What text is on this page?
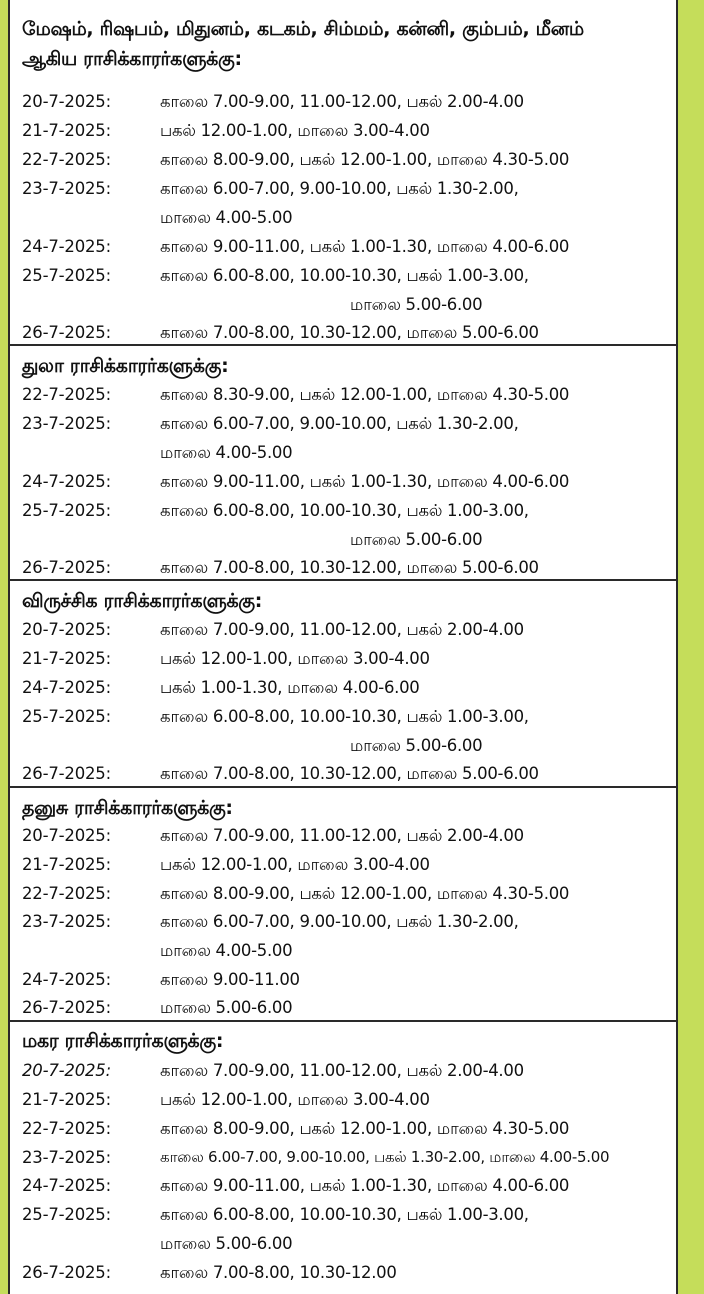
மேஷம், ரிஷபம், மிதுனம், கடகம், சிம்மம், கன்னி, கும்பம், மீனம்
ஆகிய ராசிக்காரர்களுக்கு:
20-7-2025:	காலை 7.00-9.00, 11.00-12.00, பகல் 2.00-4.00
21-7-2025:	பகல் 12.00-1.00, மாலை 3.00-4.00
22-7-2025:	காலை 8.00-9.00, பகல் 12.00-1.00, மாலை 4.30-5.00
23-7-2025:	காலை 6.00-7.00, 9.00-10.00, பகல் 1.30-2.00,
மாலை 4.00-5.00
24-7-2025:	காலை 9.00-11.00, பகல் 1.00-1.30, மாலை 4.00-6.00
25-7-2025:	காலை 6.00-8.00, 10.00-10.30, பகல் 1.00-3.00,
மாலை 5.00-6.00
26-7-2025:	காலை 7.00-8.00, 10.30-12.00, மாலை 5.00-6.00
துலா ராசிக்காரர்களுக்கு:
22-7-2025:	காலை 8.30-9.00, பகல் 12.00-1.00, மாலை 4.30-5.00
23-7-2025:	காலை 6.00-7.00, 9.00-10.00, பகல் 1.30-2.00,
மாலை 4.00-5.00
24-7-2025:	காலை 9.00-11.00, பகல் 1.00-1.30, மாலை 4.00-6.00
25-7-2025:	காலை 6.00-8.00, 10.00-10.30, பகல் 1.00-3.00,
மாலை 5.00-6.00
26-7-2025:	காலை 7.00-8.00, 10.30-12.00, மாலை 5.00-6.00
விருச்சிக ராசிக்காரர்களுக்கு:
20-7-2025:	காலை 7.00-9.00, 11.00-12.00, பகல் 2.00-4.00
21-7-2025:	பகல் 12.00-1.00, மாலை 3.00-4.00
24-7-2025:	பகல் 1.00-1.30, மாலை 4.00-6.00
25-7-2025:	காலை 6.00-8.00, 10.00-10.30, பகல் 1.00-3.00,
மாலை 5.00-6.00
26-7-2025:	காலை 7.00-8.00, 10.30-12.00, மாலை 5.00-6.00
தனுசு ராசிக்காரர்களுக்கு:
20-7-2025:	காலை 7.00-9.00, 11.00-12.00, பகல் 2.00-4.00
21-7-2025:	பகல் 12.00-1.00, மாலை 3.00-4.00
22-7-2025:	காலை 8.00-9.00, பகல் 12.00-1.00, மாலை 4.30-5.00
23-7-2025:	காலை 6.00-7.00, 9.00-10.00, பகல் 1.30-2.00,
மாலை 4.00-5.00
24-7-2025:	காலை 9.00-11.00
26-7-2025:	மாலை 5.00-6.00
மகர ராசிக்காரர்களுக்கு:
20-7-2025:	காலை 7.00-9.00, 11.00-12.00, பகல் 2.00-4.00
21-7-2025:	பகல் 12.00-1.00, மாலை 3.00-4.00
22-7-2025:	காலை 8.00-9.00, பகல் 12.00-1.00, மாலை 4.30-5.00
23-7-2025:	காலை 6.00-7.00, 9.00-10.00, பகல் 1.30-2.00, மாலை 4.00-5.00
24-7-2025:	காலை 9.00-11.00, பகல் 1.00-1.30, மாலை 4.00-6.00
25-7-2025:	காலை 6.00-8.00, 10.00-10.30, பகல் 1.00-3.00,
மாலை 5.00-6.00
26-7-2025:	காலை 7.00-8.00, 10.30-12.00
